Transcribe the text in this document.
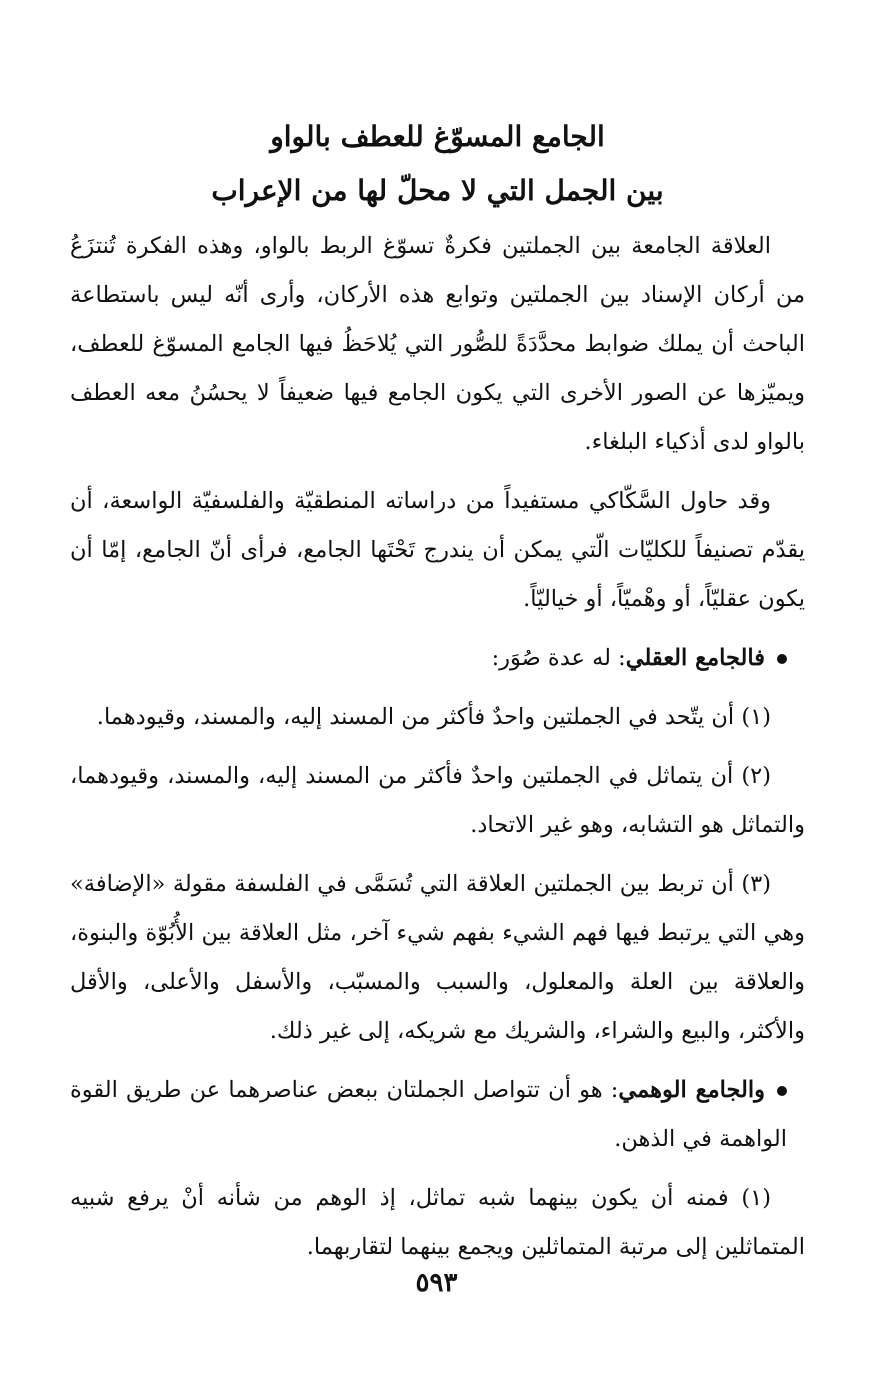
الجامع المسوّغ للعطف بالواو
بين الجمل التي لا محلّ لها من الإعراب

العلاقة الجامعة بين الجملتين فكرةٌ تسوّغ الربط بالواو، وهذه الفكرة تُنتزَعُ من أركان الإسناد بين الجملتين وتوابع هذه الأركان، وأرى أنّه ليس باستطاعة الباحث أن يملك ضوابط محدَّدَةً للصُّور التي يُلاحَظُ فيها الجامع المسوّغ للعطف، ويميّزها عن الصور الأخرى التي يكون الجامع فيها ضعيفاً لا يحسُنُ معه العطف بالواو لدى أذكياء البلغاء.

وقد حاول السَّكّاكي مستفيداً من دراساته المنطقيّة والفلسفيّة الواسعة، أن يقدّم تصنيفاً للكليّات الّتي يمكن أن يندرج تَحْتَها الجامع، فرأى أنّ الجامع، إمّا أن يكون عقليّاً، أو وهْميّاً، أو خياليّاً.

فالجامع العقلي: له عدة صُوَر:

(١) أن يتّحد في الجملتين واحدٌ فأكثر من المسند إليه، والمسند، وقيودهما.

(٢) أن يتماثل في الجملتين واحدٌ فأكثر من المسند إليه، والمسند، وقيودهما، والتماثل هو التشابه، وهو غير الاتحاد.

(٣) أن تربط بين الجملتين العلاقة التي تُسَمَّى في الفلسفة مقولة «الإضافة» وهي التي يرتبط فيها فهم الشيء بفهم شيء آخر، مثل العلاقة بين الأُبُوّة والبنوة، والعلاقة بين العلة والمعلول، والسبب والمسبّب، والأسفل والأعلى، والأقل والأكثر، والبيع والشراء، والشريك مع شريكه، إلى غير ذلك.

والجامع الوهمي: هو أن تتواصل الجملتان ببعض عناصرهما عن طريق القوة الواهمة في الذهن.

(١) فمنه أن يكون بينهما شبه تماثل، إذ الوهم من شأنه أنْ يرفع شبيه المتماثلين إلى مرتبة المتماثلين ويجمع بينهما لتقاربهما.

٥٩٣
